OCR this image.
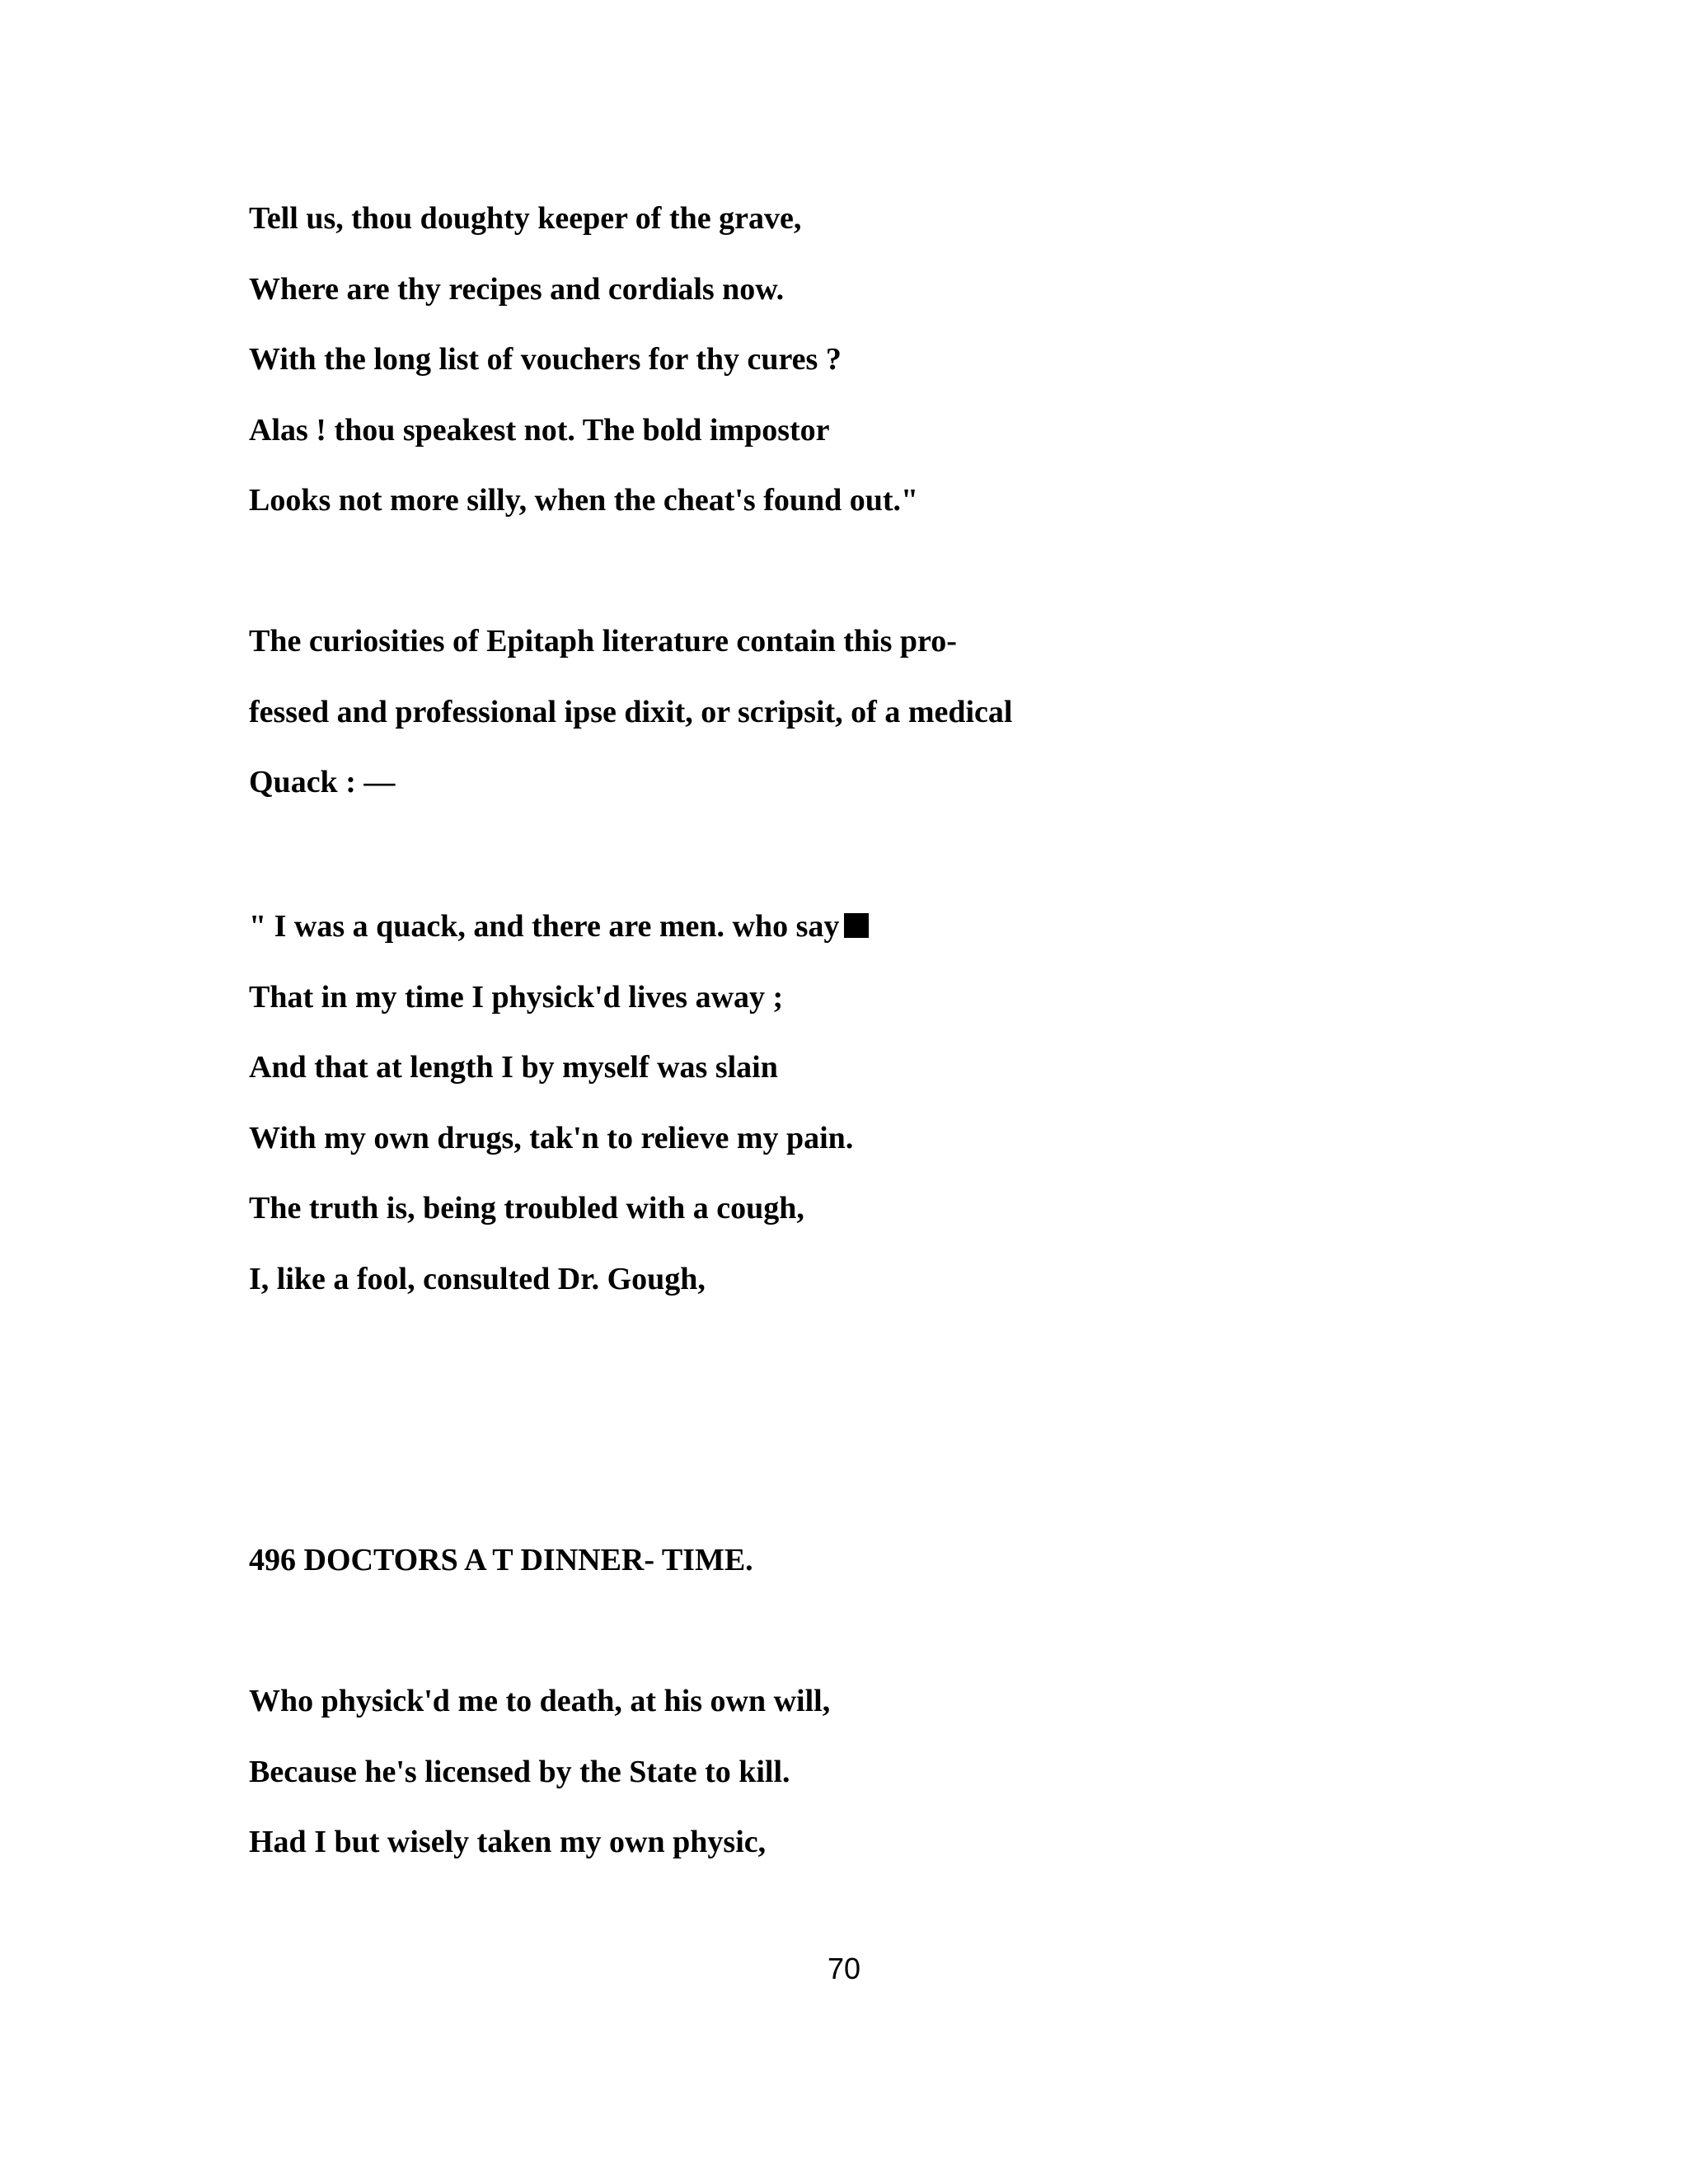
Tell us, thou doughty keeper of the grave,
Where are thy recipes and cordials now.
With the long list of vouchers for thy cures ?
Alas ! thou speakest not. The bold impostor
Looks not more silly, when the cheat's found out."
The curiosities of Epitaph literature contain this pro-
fessed and professional ipse dixit, or scripsit, of a medical
Quack : —
" I was a quack, and there are men. who say
That in my time I physick'd lives away ;
And that at length I by myself was slain
With my own drugs, tak'n to relieve my pain.
The truth is, being troubled with a cough,
I, like a fool, consulted Dr. Gough,
496 DOCTORS A T DINNER- TIME.
Who physick'd me to death, at his own will,
Because he's licensed by the State to kill.
Had I but wisely taken my own physic,
70
